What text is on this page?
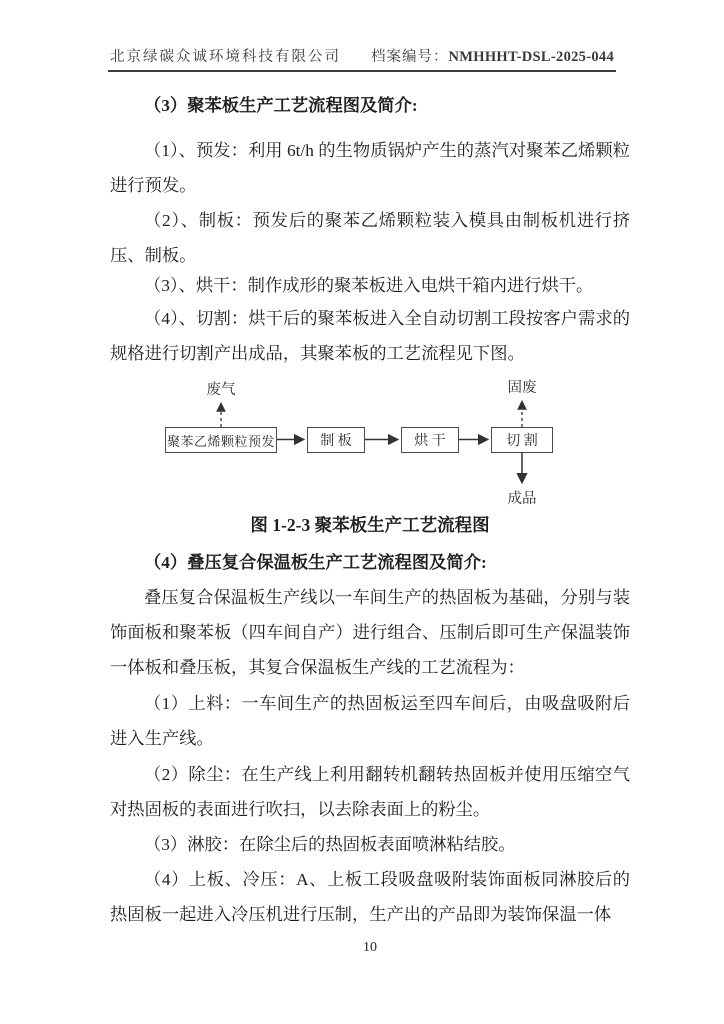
北京绿碳众诚环境科技有限公司 档案编号：NMHHHT-DSL-2025-044
（3）聚苯板生产工艺流程图及简介:
（1）、预发：利用 6t/h 的生物质锅炉产生的蒸汽对聚苯乙烯颗粒进行预发。
（2）、制板：预发后的聚苯乙烯颗粒装入模具由制板机进行挤压、制板。
（3）、烘干：制作成形的聚苯板进入电烘干箱内进行烘干。
（4）、切割：烘干后的聚苯板进入全自动切割工段按客户需求的规格进行切割产出成品，其聚苯板的工艺流程见下图。
废气	固废
聚苯乙烯颗粒预发	制 板	烘 干	切 割
成品
图 1-2-3 聚苯板生产工艺流程图
（4）叠压复合保温板生产工艺流程图及简介:
叠压复合保温板生产线以一车间生产的热固板为基础，分别与装饰面板和聚苯板（四车间自产）进行组合、压制后即可生产保温装饰一体板和叠压板，其复合保温板生产线的工艺流程为：
（1）上料：一车间生产的热固板运至四车间后，由吸盘吸附后进入生产线。
（2）除尘：在生产线上利用翻转机翻转热固板并使用压缩空气对热固板的表面进行吹扫，以去除表面上的粉尘。
（3）淋胶：在除尘后的热固板表面喷淋粘结胶。
（4）上板、冷压：A、上板工段吸盘吸附装饰面板同淋胶后的热固板一起进入冷压机进行压制，生产出的产品即为装饰保温一体
10
